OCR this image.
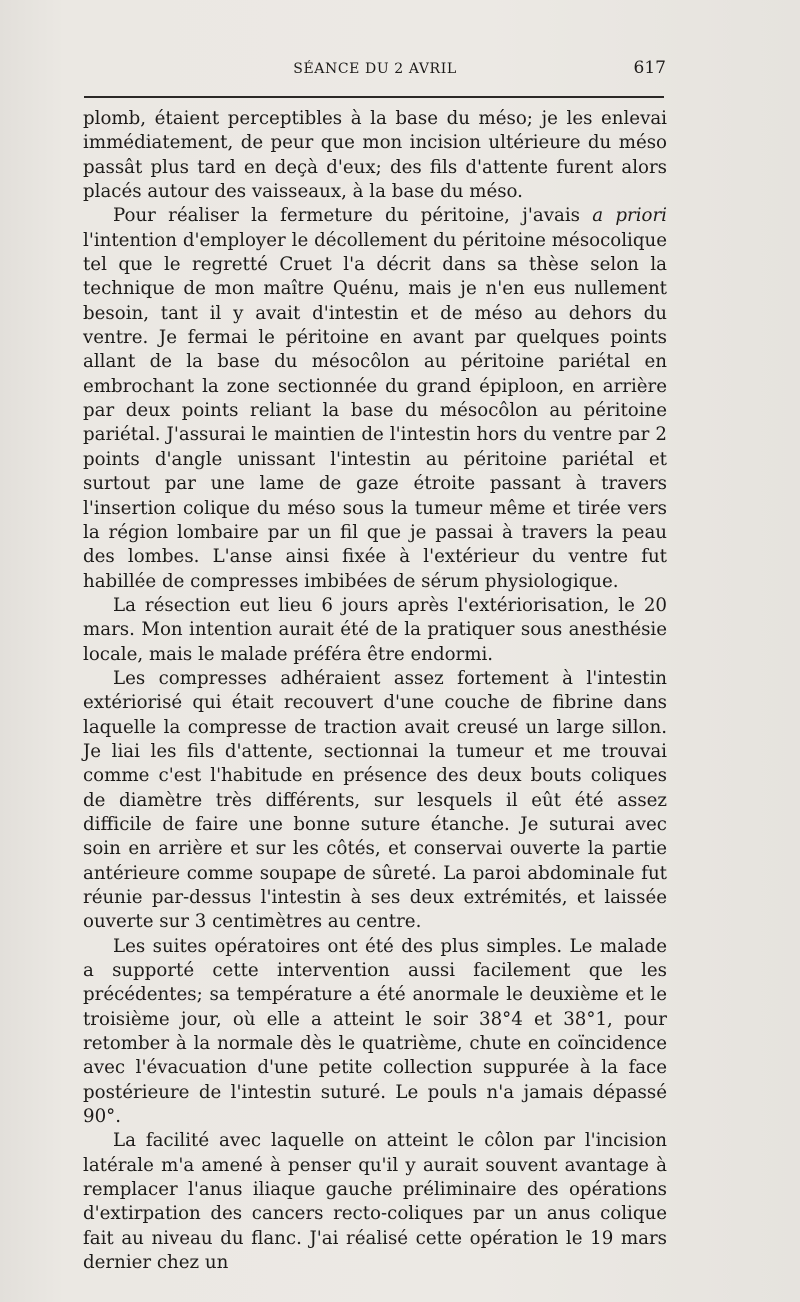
SÉANCE DU 2 AVRIL	617

plomb, étaient perceptibles à la base du méso; je les enlevai immédiatement, de peur que mon incision ultérieure du méso passât plus tard en deçà d'eux; des fils d'attente furent alors placés autour des vaisseaux, à la base du méso.

Pour réaliser la fermeture du péritoine, j'avais a priori l'intention d'employer le décollement du péritoine mésocolique tel que le regretté Cruet l'a décrit dans sa thèse selon la technique de mon maître Quénu, mais je n'en eus nullement besoin, tant il y avait d'intestin et de méso au dehors du ventre. Je fermai le péritoine en avant par quelques points allant de la base du mésocôlon au péritoine pariétal en embrochant la zone sectionnée du grand épiploon, en arrière par deux points reliant la base du mésocôlon au péritoine pariétal. J'assurai le maintien de l'intestin hors du ventre par 2 points d'angle unissant l'intestin au péritoine pariétal et surtout par une lame de gaze étroite passant à travers l'insertion colique du méso sous la tumeur même et tirée vers la région lombaire par un fil que je passai à travers la peau des lombes. L'anse ainsi fixée à l'extérieur du ventre fut habillée de compresses imbibées de sérum physiologique.

La résection eut lieu 6 jours après l'extériorisation, le 20 mars. Mon intention aurait été de la pratiquer sous anesthésie locale, mais le malade préféra être endormi.

Les compresses adhéraient assez fortement à l'intestin extériorisé qui était recouvert d'une couche de fibrine dans laquelle la compresse de traction avait creusé un large sillon. Je liai les fils d'attente, sectionnai la tumeur et me trouvai comme c'est l'habitude en présence des deux bouts coliques de diamètre très différents, sur lesquels il eût été assez difficile de faire une bonne suture étanche. Je suturai avec soin en arrière et sur les côtés, et conservai ouverte la partie antérieure comme soupape de sûreté. La paroi abdominale fut réunie par-dessus l'intestin à ses deux extrémités, et laissée ouverte sur 3 centimètres au centre.

Les suites opératoires ont été des plus simples. Le malade a supporté cette intervention aussi facilement que les précédentes; sa température a été anormale le deuxième et le troisième jour, où elle a atteint le soir 38°4 et 38°1, pour retomber à la normale dès le quatrième, chute en coïncidence avec l'évacuation d'une petite collection suppurée à la face postérieure de l'intestin suturé. Le pouls n'a jamais dépassé 90°.

La facilité avec laquelle on atteint le côlon par l'incision latérale m'a amené à penser qu'il y aurait souvent avantage à remplacer l'anus iliaque gauche préliminaire des opérations d'extirpation des cancers recto-coliques par un anus colique fait au niveau du flanc. J'ai réalisé cette opération le 19 mars dernier chez un
